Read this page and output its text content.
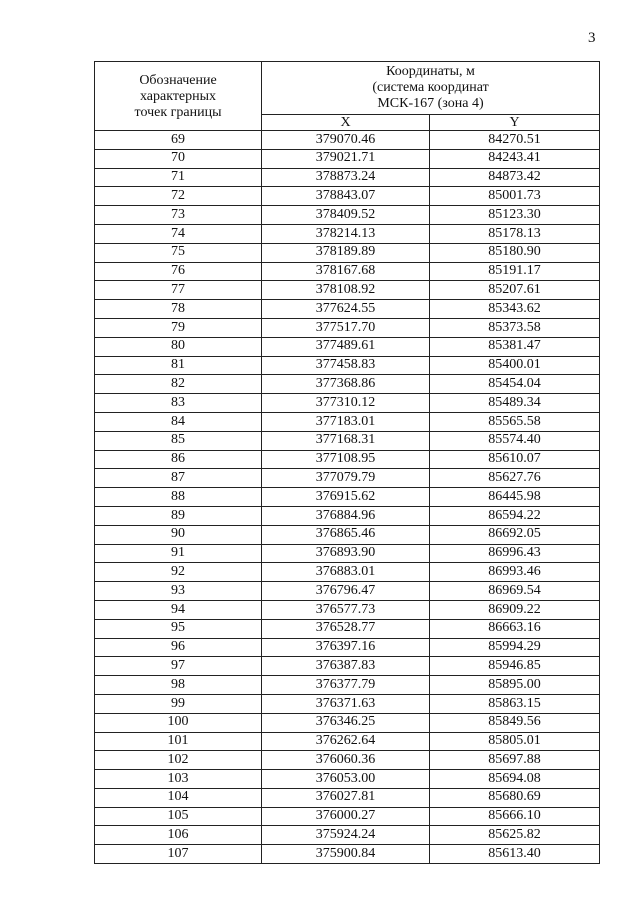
3
Обозначение
характерных
точек границы	Координаты, м
(система координат
МСК-167 (зона 4)	
	X	Y
69	379070.46	84270.51
70	379021.71	84243.41
71	378873.24	84873.42
72	378843.07	85001.73
73	378409.52	85123.30
74	378214.13	85178.13
75	378189.89	85180.90
76	378167.68	85191.17
77	378108.92	85207.61
78	377624.55	85343.62
79	377517.70	85373.58
80	377489.61	85381.47
81	377458.83	85400.01
82	377368.86	85454.04
83	377310.12	85489.34
84	377183.01	85565.58
85	377168.31	85574.40
86	377108.95	85610.07
87	377079.79	85627.76
88	376915.62	86445.98
89	376884.96	86594.22
90	376865.46	86692.05
91	376893.90	86996.43
92	376883.01	86993.46
93	376796.47	86969.54
94	376577.73	86909.22
95	376528.77	86663.16
96	376397.16	85994.29
97	376387.83	85946.85
98	376377.79	85895.00
99	376371.63	85863.15
100	376346.25	85849.56
101	376262.64	85805.01
102	376060.36	85697.88
103	376053.00	85694.08
104	376027.81	85680.69
105	376000.27	85666.10
106	375924.24	85625.82
107	375900.84	85613.40
